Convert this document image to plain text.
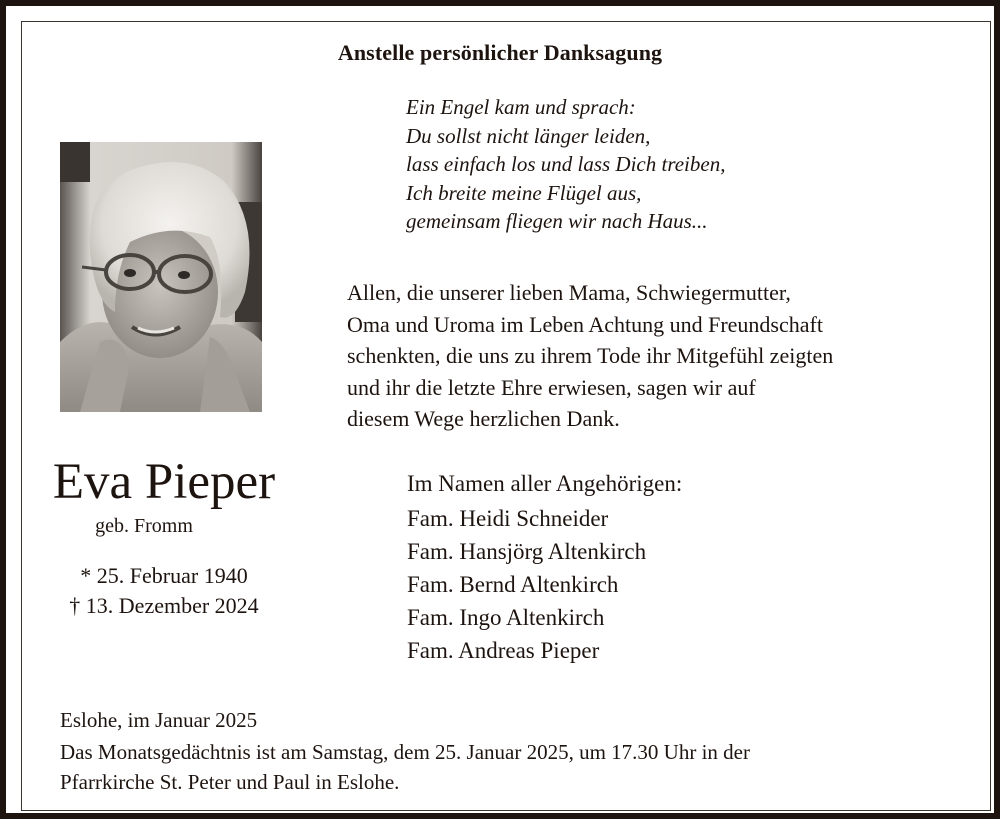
Anstelle persönlicher Danksagung
Ein Engel kam und sprach:
Du sollst nicht länger leiden,
lass einfach los und lass Dich treiben,
Ich breite meine Flügel aus,
gemeinsam fliegen wir nach Haus...
Allen, die unserer lieben Mama, Schwiegermutter,
Oma und Uroma im Leben Achtung und Freundschaft
schenkten, die uns zu ihrem Tode ihr Mitgefühl zeigten
und ihr die letzte Ehre erwiesen, sagen wir auf
diesem Wege herzlichen Dank.
Eva Pieper
geb. Fromm
* 25. Februar 1940
† 13. Dezember 2024
Im Namen aller Angehörigen:
Fam. Heidi Schneider
Fam. Hansjörg Altenkirch
Fam. Bernd Altenkirch
Fam. Ingo Altenkirch
Fam. Andreas Pieper
Eslohe, im Januar 2025
Das Monatsgedächtnis ist am Samstag, dem 25. Januar 2025, um 17.30 Uhr in der
Pfarrkirche St. Peter und Paul in Eslohe.
